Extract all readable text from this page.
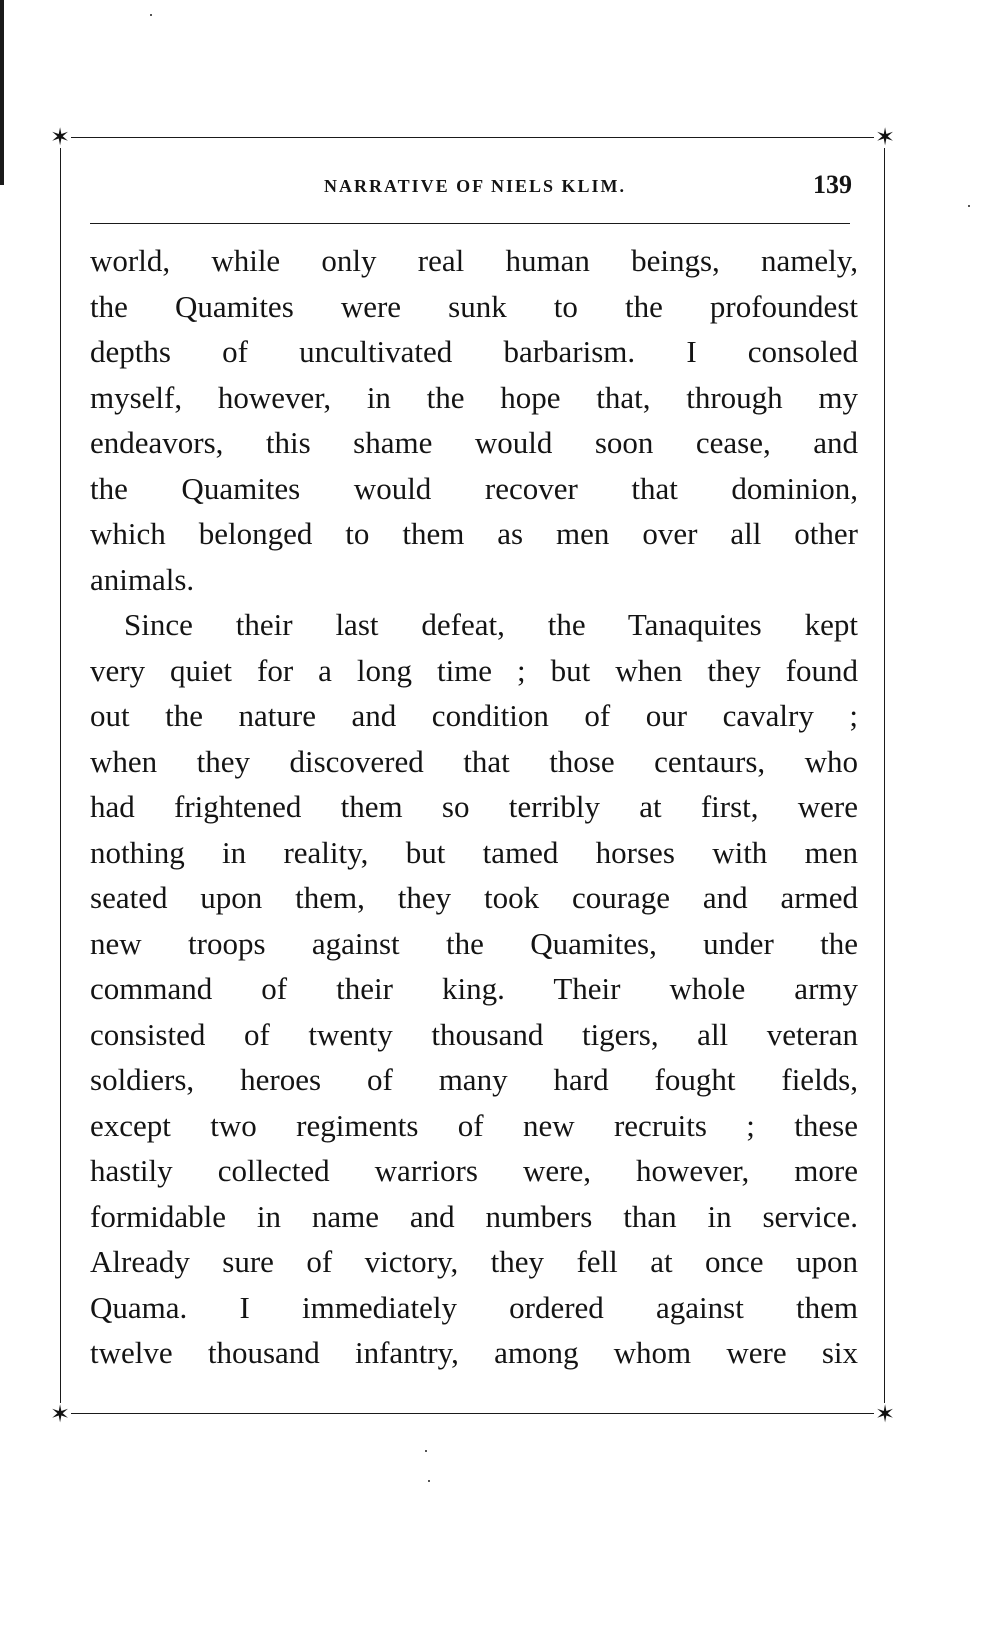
✶	✶
✶	✶
NARRATIVE OF NIELS KLIM.	139
world, while only real human beings, namely,
the Quamites were sunk to the profoundest
depths of uncultivated barbarism. I consoled
myself, however, in the hope that, through my
endeavors, this shame would soon cease, and
the Quamites would recover that dominion,
which belonged to them as men over all other
animals.
Since their last defeat, the Tanaquites kept
very quiet for a long time ; but when they found
out the nature and condition of our cavalry ;
when they discovered that those centaurs, who
had frightened them so terribly at first, were
nothing in reality, but tamed horses with men
seated upon them, they took courage and armed
new troops against the Quamites, under the
command of their king. Their whole army
consisted of twenty thousand tigers, all veteran
soldiers, heroes of many hard fought fields,
except two regiments of new recruits ; these
hastily collected warriors were, however, more
formidable in name and numbers than in service.
Already sure of victory, they fell at once upon
Quama. I immediately ordered against them
twelve thousand infantry, among whom were six
